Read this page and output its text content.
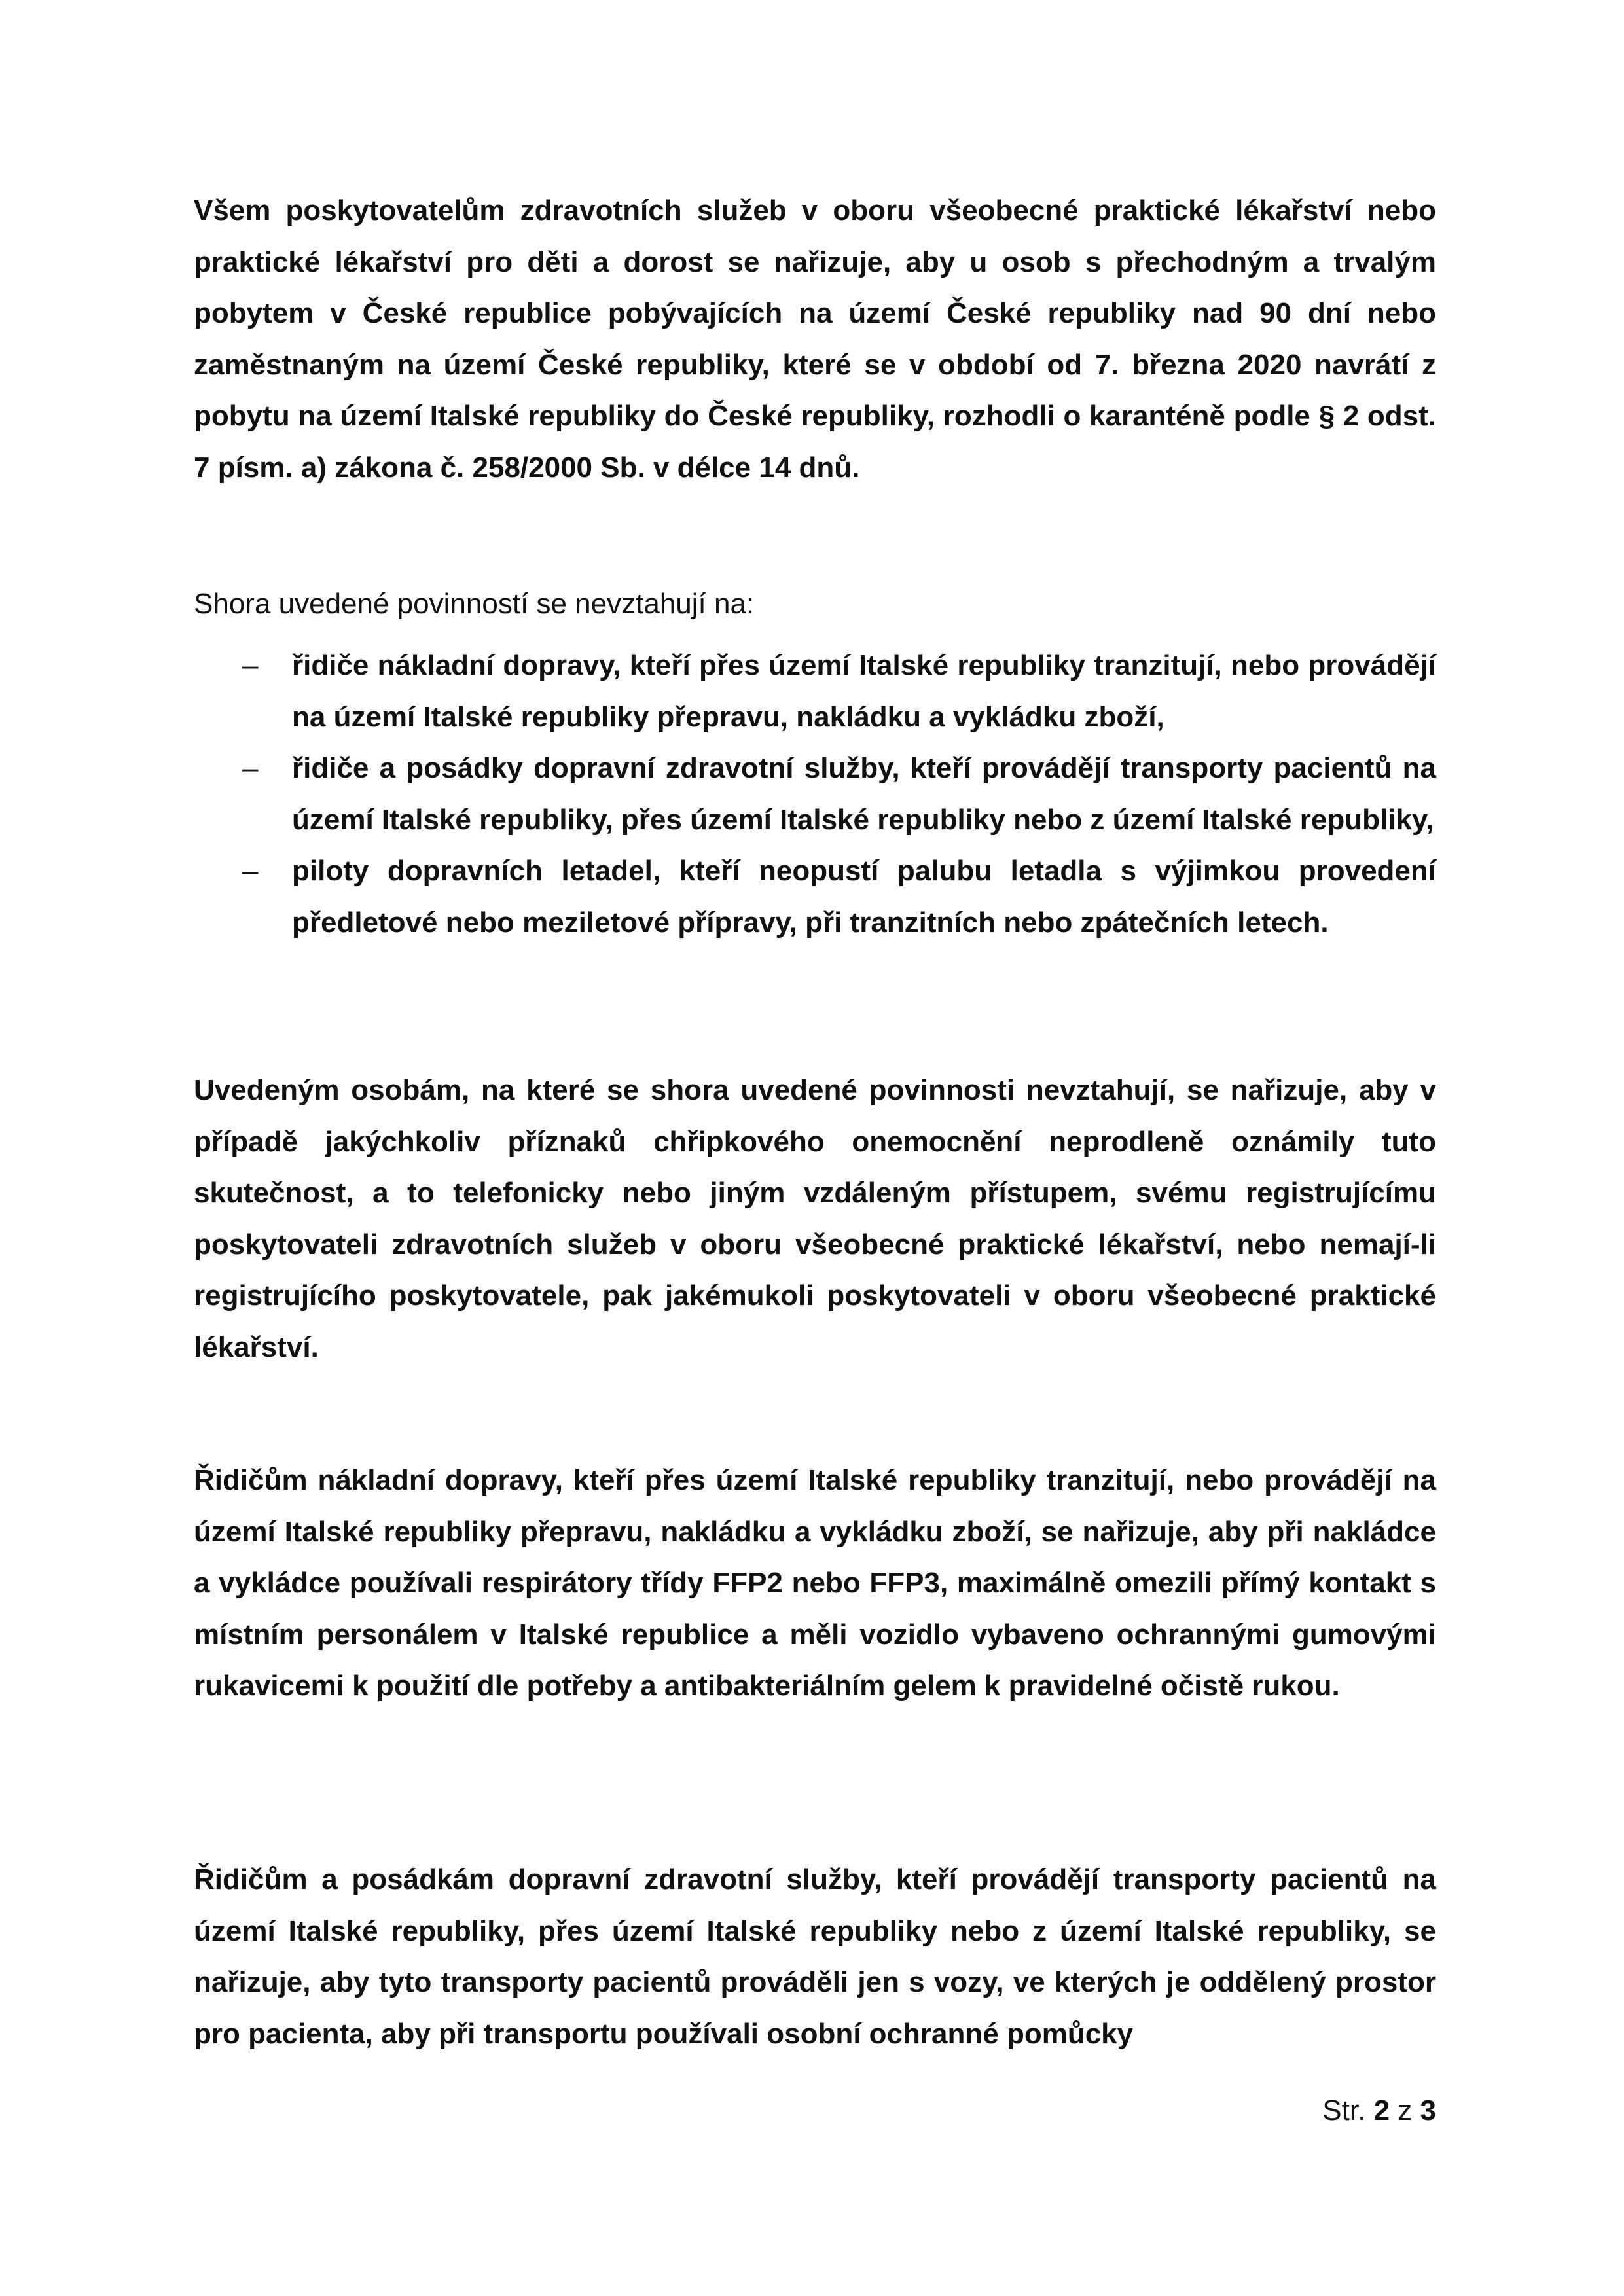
Všem poskytovatelům zdravotních služeb v oboru všeobecné praktické lékařství nebo praktické lékařství pro děti a dorost se nařizuje, aby u osob s přechodným a trvalým pobytem v České republice pobývajících na území České republiky nad 90 dní nebo zaměstnaným na území České republiky, které se v období od 7. března 2020 navrátí z pobytu na území Italské republiky do České republiky, rozhodli o karanténě podle § 2 odst. 7 písm. a) zákona č. 258/2000 Sb. v délce 14 dnů.
Shora uvedené povinností se nevztahují na:
– řidiče nákladní dopravy, kteří přes území Italské republiky tranzitují, nebo provádějí na území Italské republiky přepravu, nakládku a vykládku zboží,
– řidiče a posádky dopravní zdravotní služby, kteří provádějí transporty pacientů na území Italské republiky, přes území Italské republiky nebo z území Italské republiky,
– piloty dopravních letadel, kteří neopustí palubu letadla s výjimkou provedení předletové nebo meziletové přípravy, při tranzitních nebo zpátečních letech.
Uvedeným osobám, na které se shora uvedené povinnosti nevztahují, se nařizuje, aby v případě jakýchkoliv příznaků chřipkového onemocnění neprodleně oznámily tuto skutečnost, a to telefonicky nebo jiným vzdáleným přístupem, svému registrujícímu poskytovateli zdravotních služeb v oboru všeobecné praktické lékařství, nebo nemají-li registrujícího poskytovatele, pak jakémukoli poskytovateli v oboru všeobecné praktické lékařství.
Řidičům nákladní dopravy, kteří přes území Italské republiky tranzitují, nebo provádějí na území Italské republiky přepravu, nakládku a vykládku zboží, se nařizuje, aby při nakládce a vykládce používali respirátory třídy FFP2 nebo FFP3, maximálně omezili přímý kontakt s místním personálem v Italské republice a měli vozidlo vybaveno ochrannými gumovými rukavicemi k použití dle potřeby a antibakteriálním gelem k pravidelné očistě rukou.
Řidičům a posádkám dopravní zdravotní služby, kteří provádějí transporty pacientů na území Italské republiky, přes území Italské republiky nebo z území Italské republiky, se nařizuje, aby tyto transporty pacientů prováděli jen s vozy, ve kterých je oddělený prostor pro pacienta, aby při transportu používali osobní ochranné pomůcky
Str. 2 z 3
